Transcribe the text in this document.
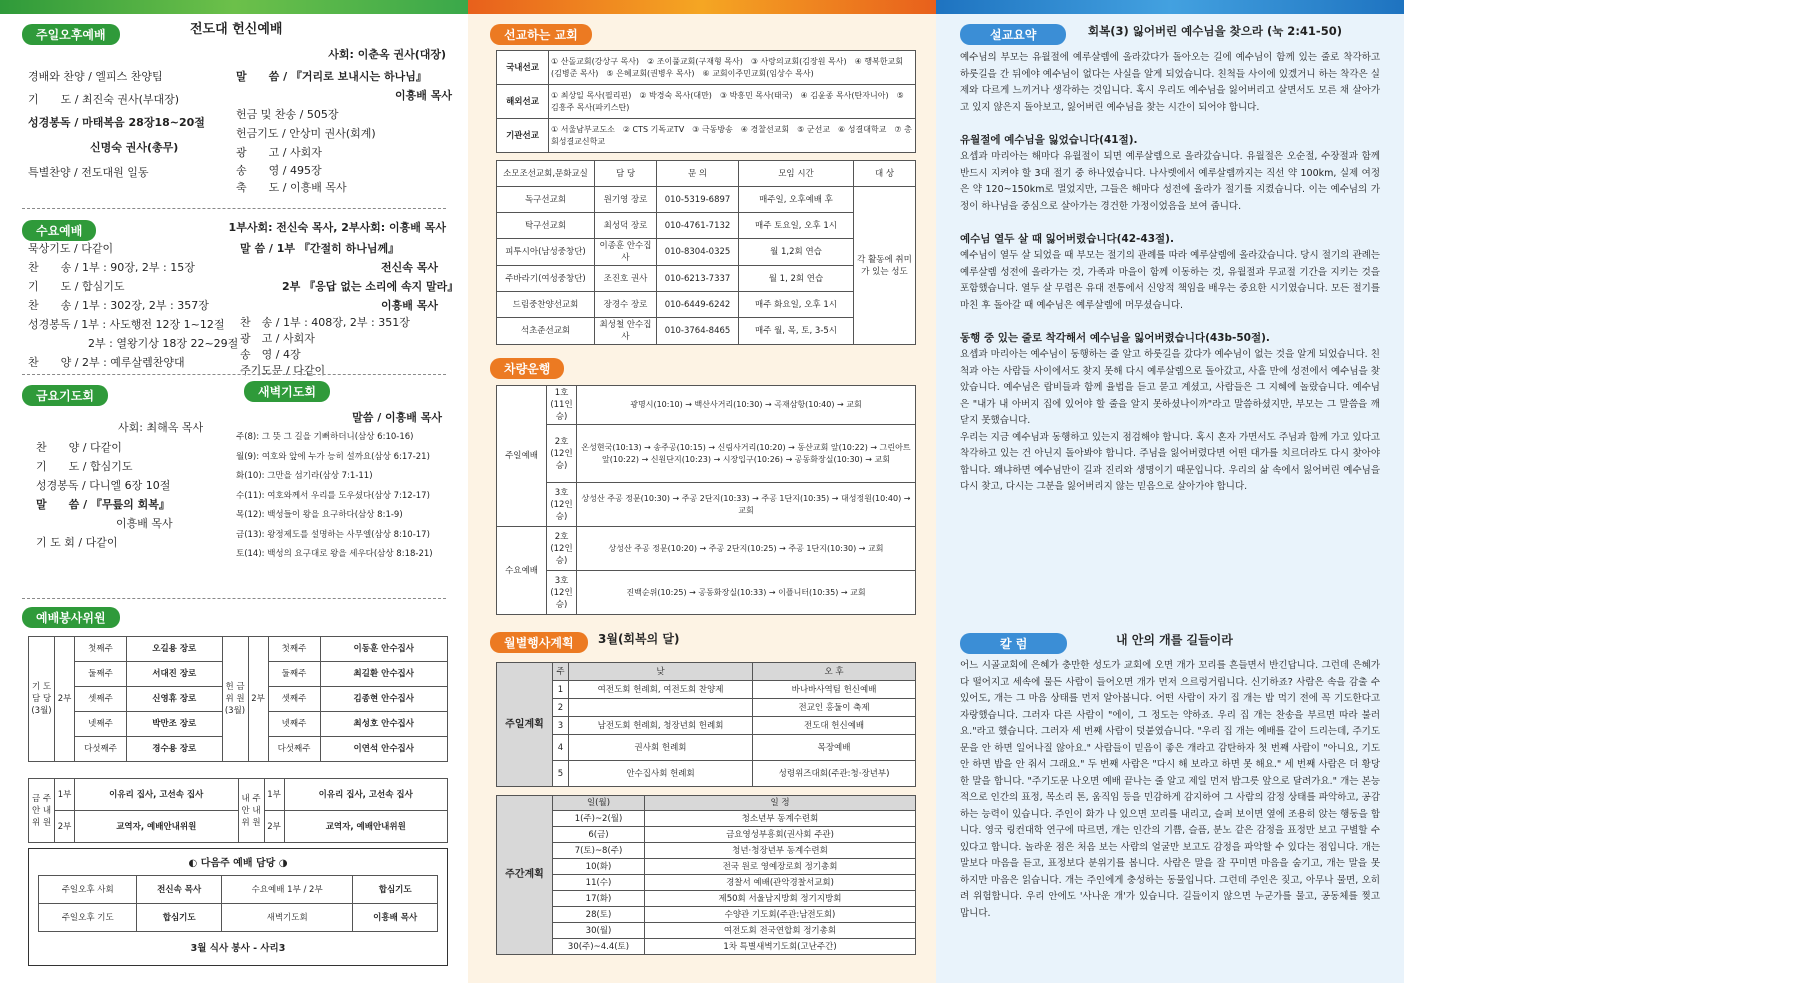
주일오후예배	전도대 헌신예배
사회: 이춘옥 권사(대장)
경배와 찬양 / 엘피스 찬양팀
기　　도 / 최진숙 권사(부대장)
성경봉독 / 마태복음 28장18~20절
신명숙 권사(총무)
특별찬양 / 전도대원 일동
말　　씀 / 『거리로 보내시는 하나님』
이흥배 목사
헌금 및 찬송 / 505장
헌금기도 / 안상미 권사(회계)
광　　고 / 사회자
송　　영 / 495장
축　　도 / 이흥배 목사
수요예배	1부사회: 전신숙 목사, 2부사회: 이흥배 목사
묵상기도 / 다같이
찬　　송 / 1부 : 90장, 2부 : 15장
기　　도 / 합심기도
찬　　송 / 1부 : 302장, 2부 : 357장
성경봉독 / 1부 : 사도행전 12장 1~12절
2부 : 열왕기상 18장 22~29절
찬　　양 / 2부 : 예루살렘찬양대
말 씀 / 1부 『간절히 하나님께』
전신속 목사
2부 『응답 없는 소리에 속지 말라』
이흥배 목사
찬　송 / 1부 : 408장, 2부 : 351장
광　고 / 사회자
송　영 / 4장
주기도문 / 다같이
금요기도회	새벽기도회
사회: 최해옥 목사
찬　　양 / 다같이
기　　도 / 합심기도
성경봉독 / 다니엘 6장 10절
말　　씀 / 『무릎의 회복』
이흥배 목사
기 도 회 / 다같이
말씀 / 이흥배 목사
주(8): 그 뜻 그 길을 기뻐하더니(삼상 6:10-16)
월(9): 여호와 앞에 누가 능히 설까요(삼상 6:17-21)
화(10): 그만을 섬기라(삼상 7:1-11)
수(11): 여호와께서 우리를 도우셨다(삼상 7:12-17)
목(12): 백성들이 왕을 요구하다(삼상 8:1-9)
금(13): 왕정제도를 설명하는 사무엘(삼상 8:10-17)
토(14): 백성의 요구대로 왕을 세우다(삼상 8:18-21)
예배봉사위원
기 도 담 당 (3월)	2부	첫째주	오길용 장로	헌 금 위 원 (3월)	2부	첫째주	이동훈 안수집사
		둘째주	서대진 장로			둘째주	최길환 안수집사
		셋째주	신영휴 장로			셋째주	김종현 안수집사
		넷째주	박만조 장로			넷째주	최성호 안수집사
		다섯째주	경수용 장로			다섯째주	이연석 안수집사
금 주 안 내 위 원	1부	이유리 집사, 고선속 집사	내 주 안 내 위 원	1부	이유리 집사, 고선속 집사
	2부	교역자, 예배안내위원		2부	교역자, 예배안내위원
◐ 다음주 예배 담당 ◑
주일오후 사회	전신속 목사	수요예배 1부 / 2부	합심기도
주일오후 기도	합심기도	새벽기도회	이흥배 목사
3월 식사 봉사 - 사리3
선교하는 교회
국내선교	① 산돌교회(강상구 목사)　② 조이풀교회(구재형 목사)　③ 사랑의교회(김장원 목사)　④ 행복한교회(김병준 목사)　⑤ 은혜교회(권병우 목사)　⑥ 교회이주민교회(임상수 목사)
해외선교	① 최상일 목사(필리핀)　② 박경숙 목사(대만)　③ 박흥민 목사(태국)　④ 김윤종 목사(탄자니아)　⑤ 김흥주 목사(파키스탄)
기관선교	① 서울남부교도소　② CTS 기독교TV　③ 극동방송　④ 경찰선교회　⑤ 군선교　⑥ 성결대학교　⑦ 총회성결교신학교
소모조선교회,문화교실	담 당	문 의	모임 시간	대 상
독구선교회	원기영 장로	010-5319-6897	매주일, 오후예배 후	각 활동에 취미가 있는 성도
탁구선교회	최성덕 장로	010-4761-7132	매주 토요일, 오후 1시	
피투시아(남성중창단)	이종훈 안수집사	010-8304-0325	월 1,2회 연습	
주바라기(여성중창단)	조진호 권사	010-6213-7337	월 1, 2회 연습	
드림중찬양선교회	장경수 장로	010-6449-6242	매주 화요일, 오후 1시	
석초준선교회	최성철 안수집사	010-3764-8465	매주 월, 목, 토, 3-5시	
차량운행
주일예배	1호 (11인승)	광명시(10:10) → 백산사거리(10:30) → 곡재삼항(10:40) → 교회
	2호 (12인승)	온성현국(10:13) → 송주공(10:15) → 신림사거리(10:20) → 동산교회 앞(10:22) → 그린아트 앞(10:22) → 신원단지(10:23) → 시장입구(10:26) → 공동화장실(10:30) → 교회
	3호 (12인승)	상성산 주공 정문(10:30) → 주공 2단지(10:33) → 주공 1단지(10:35) → 대성정원(10:40) → 교회
수요예배	2호 (12인승)	상성산 주공 정문(10:20) → 주공 2단지(10:25) → 주공 1단지(10:30) → 교회
	3호 (12인승)	진백순위(10:25) → 공동화장실(10:33) → 이플니터(10:35) → 교회
월별행사계획	3월(회복의 달)
주일계획	주	낮	오 후
	1	여전도회 헌례회, 여전도회 찬양제	바나바사역팀 헌신예배
	2		전교인 홍둘이 축제
	3	남전도회 헌례회, 청장년회 헌례회	전도대 헌신예배
	4	권사회 헌례회	목장예배
	5	안수집사회 헌례회	성령위즈대회(주관:청·장년부)
주간계획	일(월)	일 정
	1(주)~2(월)	청소년부 동계수련회
	6(금)	금요영성부흥회(권사회 주관)
	7(토)~8(주)	청년·청장년부 동계수련회
	10(화)	전국 원로 영예장로회 정기총회
	11(수)	경찰서 예배(관악경찰서교회)
	17(화)	제50회 서울남지방회 정기지방회
	28(토)	수양관 기도회(주관:남전도회)
	30(월)	여전도회 전국연합회 정기총회
	30(주)~4.4(토)	1차 특별새벽기도회(고난주간)
설교요약	회복(3) 잃어버린 예수님을 찾으라 (눅 2:41-50)
예수님의 부모는 유월절에 예루살렘에 올라갔다가 돌아오는 길에 예수님이 함께 있는 줄로 착각하고 하룻길을 간 뒤에야 예수님이 없다는 사실을 알게 되었습니다. 친척들 사이에 있겠거니 하는 착각은 실제와 다르게 느끼거나 생각하는 것입니다. 혹시 우리도 예수님을 잃어버리고 살면서도 모른 채 살아가고 있지 않은지 돌아보고, 잃어버린 예수님을 찾는 시간이 되어야 합니다.
유월절에 예수님을 잃었습니다(41절).
요셉과 마리아는 해마다 유월절이 되면 예루살렘으로 올라갔습니다. 유월절은 오순절, 수장절과 함께 반드시 지켜야 할 3대 절기 중 하나였습니다. 나사렛에서 예루살렘까지는 직선 약 100km, 실제 여정은 약 120~150km로 멀었지만, 그들은 해마다 성전에 올라가 절기를 지켰습니다. 이는 예수님의 가정이 하나님을 중심으로 살아가는 경건한 가정이었음을 보여 줍니다.
예수님 열두 살 때 잃어버렸습니다(42-43절).
예수님이 열두 살 되었을 때 부모는 절기의 관례를 따라 예루살렘에 올라갔습니다. 당시 절기의 관례는 예루살렘 성전에 올라가는 것, 가족과 마을이 함께 이동하는 것, 유월절과 무교절 기간을 지키는 것을 포함했습니다. 열두 살 무렵은 유대 전통에서 신앙적 책임을 배우는 중요한 시기였습니다. 모든 절기를 마친 후 돌아갈 때 예수님은 예루살렘에 머무셨습니다.
동행 중 있는 줄로 착각해서 예수님을 잃어버렸습니다(43b-50절).
요셉과 마리아는 예수님이 동행하는 줄 알고 하룻길을 갔다가 예수님이 없는 것을 알게 되었습니다. 친척과 아는 사람들 사이에서도 찾지 못해 다시 예루살렘으로 돌아갔고, 사흘 만에 성전에서 예수님을 찾았습니다. 예수님은 랍비들과 함께 율법을 듣고 묻고 계셨고, 사람들은 그 지혜에 놀랐습니다. 예수님은 "내가 내 아버지 집에 있어야 할 줄을 알지 못하셨나이까"라고 말씀하셨지만, 부모는 그 말씀을 깨닫지 못했습니다.
우리는 지금 예수님과 동행하고 있는지 점검해야 합니다. 혹시 혼자 가면서도 주님과 함께 가고 있다고 착각하고 있는 건 아닌지 돌아봐야 합니다. 주님을 잃어버렸다면 어떤 대가를 치르더라도 다시 찾아야 합니다. 왜냐하면 예수님만이 길과 진리와 생명이기 때문입니다. 우리의 삶 속에서 잃어버린 예수님을 다시 찾고, 다시는 그분을 잃어버리지 않는 믿음으로 살아가야 합니다.
칼 럼	내 안의 개를 길들이라
어느 시골교회에 은혜가 충만한 성도가 교회에 오면 개가 꼬리를 흔들면서 반긴답니다. 그런데 은혜가 다 떨어지고 세속에 물든 사람이 들어오면 개가 먼저 으르렁거립니다. 신기하죠? 사람은 속을 감출 수 있어도, 개는 그 마음 상태를 먼저 알아봅니다. 어떤 사람이 자기 집 개는 밥 먹기 전에 꼭 기도한다고 자랑했습니다. 그러자 다른 사람이 "에이, 그 정도는 약하죠. 우리 집 개는 찬송을 부르면 따라 불러요."라고 했습니다. 그러자 세 번째 사람이 덧붙였습니다. "우리 집 개는 예배를 같이 드리는데, 주기도문을 안 하면 일어나질 않아요." 사람들이 믿음이 좋은 개라고 감탄하자 첫 번째 사람이 "아니요, 기도 안 하면 밥을 안 줘서 그래요." 두 번째 사람은 "다시 해 보라고 하면 못 해요." 세 번째 사람은 더 황당한 말을 합니다. "주기도문 나오면 예배 끝나는 줄 알고 제일 먼저 밥그릇 앞으로 달려가요." 개는 본능적으로 인간의 표정, 목소리 톤, 움직임 등을 민감하게 감지하여 그 사람의 감정 상태를 파악하고, 공감하는 능력이 있습니다. 주인이 화가 나 있으면 꼬리를 내리고, 슬퍼 보이면 옆에 조용히 앉는 행동을 합니다. 영국 링컨대학 연구에 따르면, 개는 인간의 기쁨, 슬픔, 분노 같은 감정을 표정만 보고 구별할 수 있다고 합니다. 놀라운 점은 처음 보는 사람의 얼굴만 보고도 감정을 파악할 수 있다는 점입니다. 개는 말보다 마음을 듣고, 표정보다 분위기를 봅니다. 사람은 말을 잘 꾸미면 마음을 숨기고, 개는 말을 못 하지만 마음은 읽습니다. 개는 주인에게 충성하는 동물입니다. 그런데 주인은 짖고, 아무나 물면, 오히려 위험합니다. 우리 안에도 '사나운 개'가 있습니다. 길들이지 않으면 누군가를 물고, 공동체를 찢고 맙니다.
